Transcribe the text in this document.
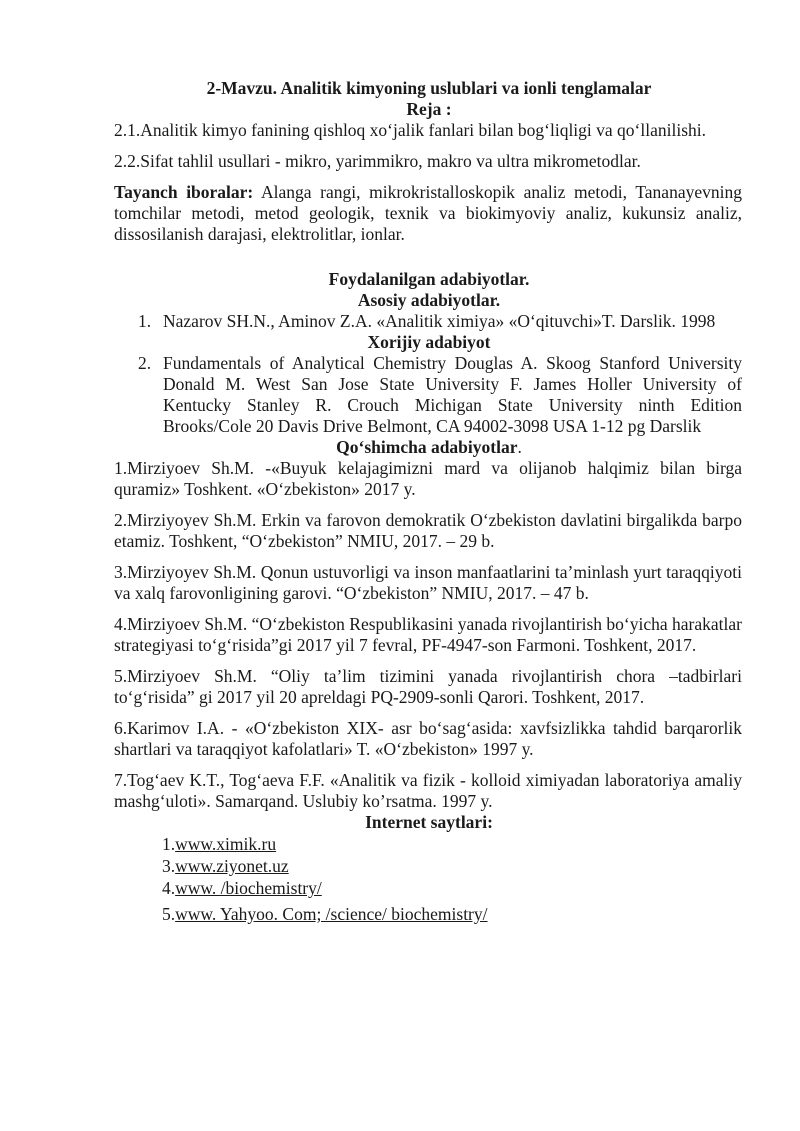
2-Mavzu. Analitik kimyoning uslublari va ionli tenglamalar
Reja :

2.1.Analitik kimyo fanining qishloq xo‘jalik fanlari bilan bog‘liqligi va qo‘llanilishi.

2.2.Sifat tahlil usullari - mikro, yarimmikro, makro va ultra mikrometodlar.

Tayanch iboralar: Alanga rangi, mikrokristalloskopik analiz metodi, Tananayevning tomchilar metodi, metod geologik, texnik va biokimyoviy analiz, kukunsiz analiz, dissosilanish darajasi, elektrolitlar, ionlar.

Foydalanilgan adabiyotlar.
Asosiy adabiyotlar.
1. Nazarov SH.N., Aminov Z.A. «Analitik ximiya» «O‘qituvchi»T. Darslik. 1998
Xorijiy adabiyot
2. Fundamentals of Analytical Chemistry Douglas A. Skoog Stanford University Donald M. West San Jose State University F. James Holler University of Kentucky Stanley R. Crouch Michigan State University ninth Edition Brooks/Cole 20 Davis Drive Belmont, CA 94002-3098 USA 1-12 pg Darslik
Qo‘shimcha adabiyotlar.

1.Mirziyoev Sh.M. -«Buyuk kelajagimizni mard va olijanob halqimiz bilan birga quramiz» Toshkent. «O‘zbekiston» 2017 y.

2.Mirziyoyev Sh.M. Erkin va farovon demokratik O‘zbekiston davlatini birgalikda barpo etamiz. Toshkent, “O‘zbekiston” NMIU, 2017. – 29 b.

3.Mirziyoyev Sh.M. Qonun ustuvorligi va inson manfaatlarini ta’minlash yurt taraqqiyoti va xalq farovonligining garovi. “O‘zbekiston” NMIU, 2017. – 47 b.

4.Mirziyoev Sh.M. “O‘zbekiston Respublikasini yanada rivojlantirish bo‘yicha harakatlar strategiyasi to‘g‘risida”gi 2017 yil 7 fevral, PF-4947-son Farmoni. Toshkent, 2017.

5.Mirziyoev Sh.M. “Oliy ta’lim tizimini yanada rivojlantirish chora –tadbirlari to‘g‘risida” gi 2017 yil 20 apreldagi PQ-2909-sonli Qarori. Toshkent, 2017.

6.Karimov I.A. - «O‘zbekiston XIX- asr bo‘sag‘asida: xavfsizlikka tahdid barqarorlik shartlari va taraqqiyot kafolatlari» T. «O‘zbekiston» 1997 y.

7.Tog‘aev K.T., Tog‘aeva F.F. «Analitik va fizik - kolloid ximiyadan laboratoriya amaliy mashg‘uloti». Samarqand. Uslubiy ko’rsatma. 1997 y.

Internet saytlari:
1.www.ximik.ru
3.www.ziyonet.uz
4.www. /biochemistry/
5.www. Yahyoo. Com; /science/ biochemistry/
